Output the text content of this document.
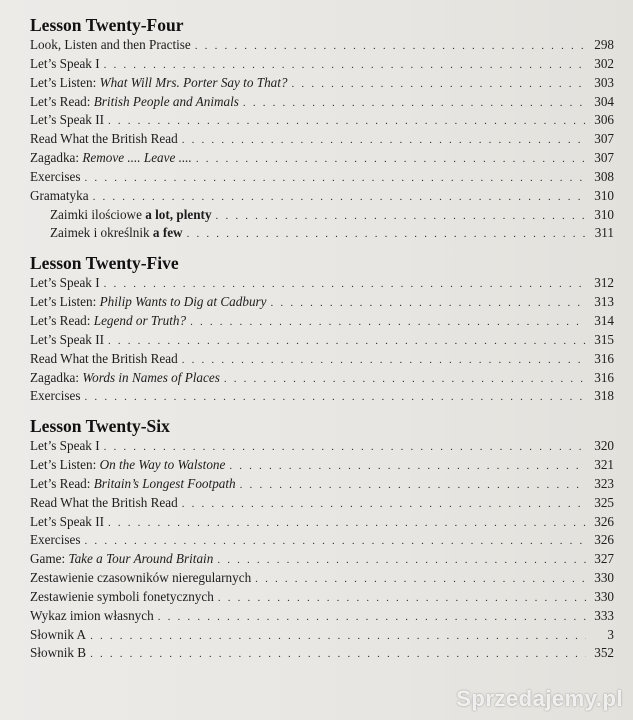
Lesson Twenty-Four
Look, Listen and then Practise . . .	298
Let’s Speak I . . .	302
Let’s Listen: What Will Mrs. Porter Say to That? . . .	303
Let’s Read: British People and Animals . . .	304
Let’s Speak II . . .	306
Read What the British Read . . .	307
Zagadka: Remove .... Leave .... . . .	307
Exercises . . .	308
Gramatyka . . .	310
Zaimki ilościowe a lot, plenty . . .	310
Zaimek i określnik a few . . .	311
Lesson Twenty-Five
Let’s Speak I . . .	312
Let’s Listen: Philip Wants to Dig at Cadbury . . .	313
Let’s Read: Legend or Truth? . . .	314
Let’s Speak II . . .	315
Read What the British Read . . .	316
Zagadka: Words in Names of Places . . .	316
Exercises . . .	318
Lesson Twenty-Six
Let’s Speak I . . .	320
Let’s Listen: On the Way to Walstone . . .	321
Let’s Read: Britain’s Longest Footpath . . .	323
Read What the British Read . . .	325
Let’s Speak II . . .	326
Exercises . . .	326
Game: Take a Tour Around Britain . . .	327
Zestawienie czasowników nieregularnych . . .	330
Zestawienie symboli fonetycznych . . .	330
Wykaz imion własnych . . .	333
Słownik A . . .	3
Słownik B . . .	352
Sprzedajemy.pl
